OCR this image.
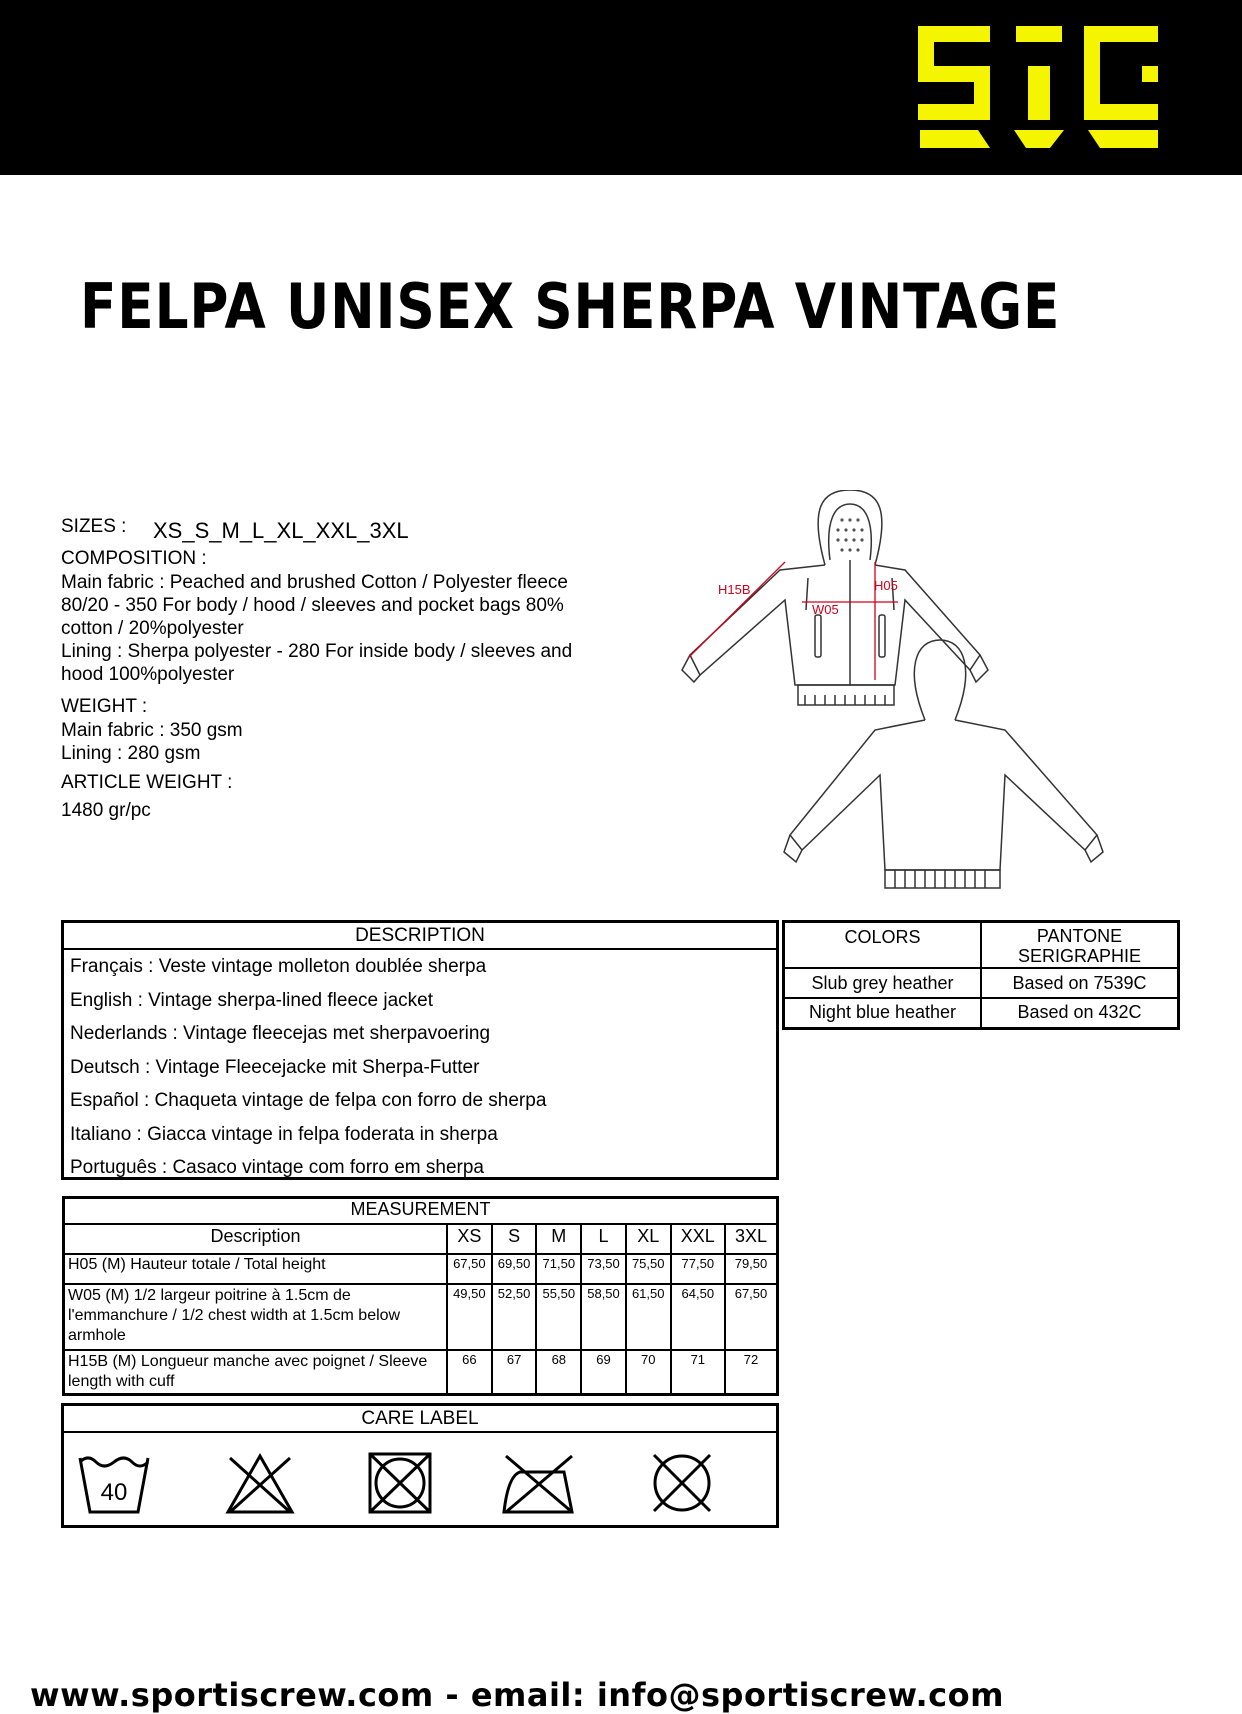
FELPA UNISEX SHERPA VINTAGE
SIZES : XS_S_M_L_XL_XXL_3XL
COMPOSITION :
Main fabric : Peached and brushed Cotton / Polyester fleece
80/20 - 350 For body / hood / sleeves and pocket bags 80%
cotton / 20%polyester
Lining : Sherpa polyester - 280 For inside body / sleeves and
hood 100%polyester
WEIGHT :
Main fabric : 350 gsm
Lining : 280 gsm
ARTICLE WEIGHT :
1480 gr/pc
H15B	H05
W05
DESCRIPTION
Français : Veste vintage molleton doublée sherpa
English : Vintage sherpa-lined fleece jacket
Nederlands : Vintage fleecejas met sherpavoering
Deutsch : Vintage Fleecejacke mit Sherpa-Futter
Español : Chaqueta vintage de felpa con forro de sherpa
Italiano : Giacca vintage in felpa foderata in sherpa
Português : Casaco vintage com forro em sherpa
COLORS	PANTONE
SERIGRAPHIE

Slub grey heather	Based on 7539C
Night blue heather	Based on 432C
MEASUREMENT							
Description	XS	S	M	L	XL	XXL	3XL
H05 (M) Hauteur totale / Total height	67,50	69,50	71,50	73,50	75,50	77,50	79,50
W05 (M) 1/2 largeur poitrine à 1.5cm de l'emmanchure / 1/2 chest width at 1.5cm below armhole	49,50	52,50	55,50	58,50	61,50	64,50	67,50
H15B (M) Longueur manche avec poignet / Sleeve length with cuff	66	67	68	69	70	71	72
CARE LABEL
40
www.sportiscrew.com - email: info@sportiscrew.com
